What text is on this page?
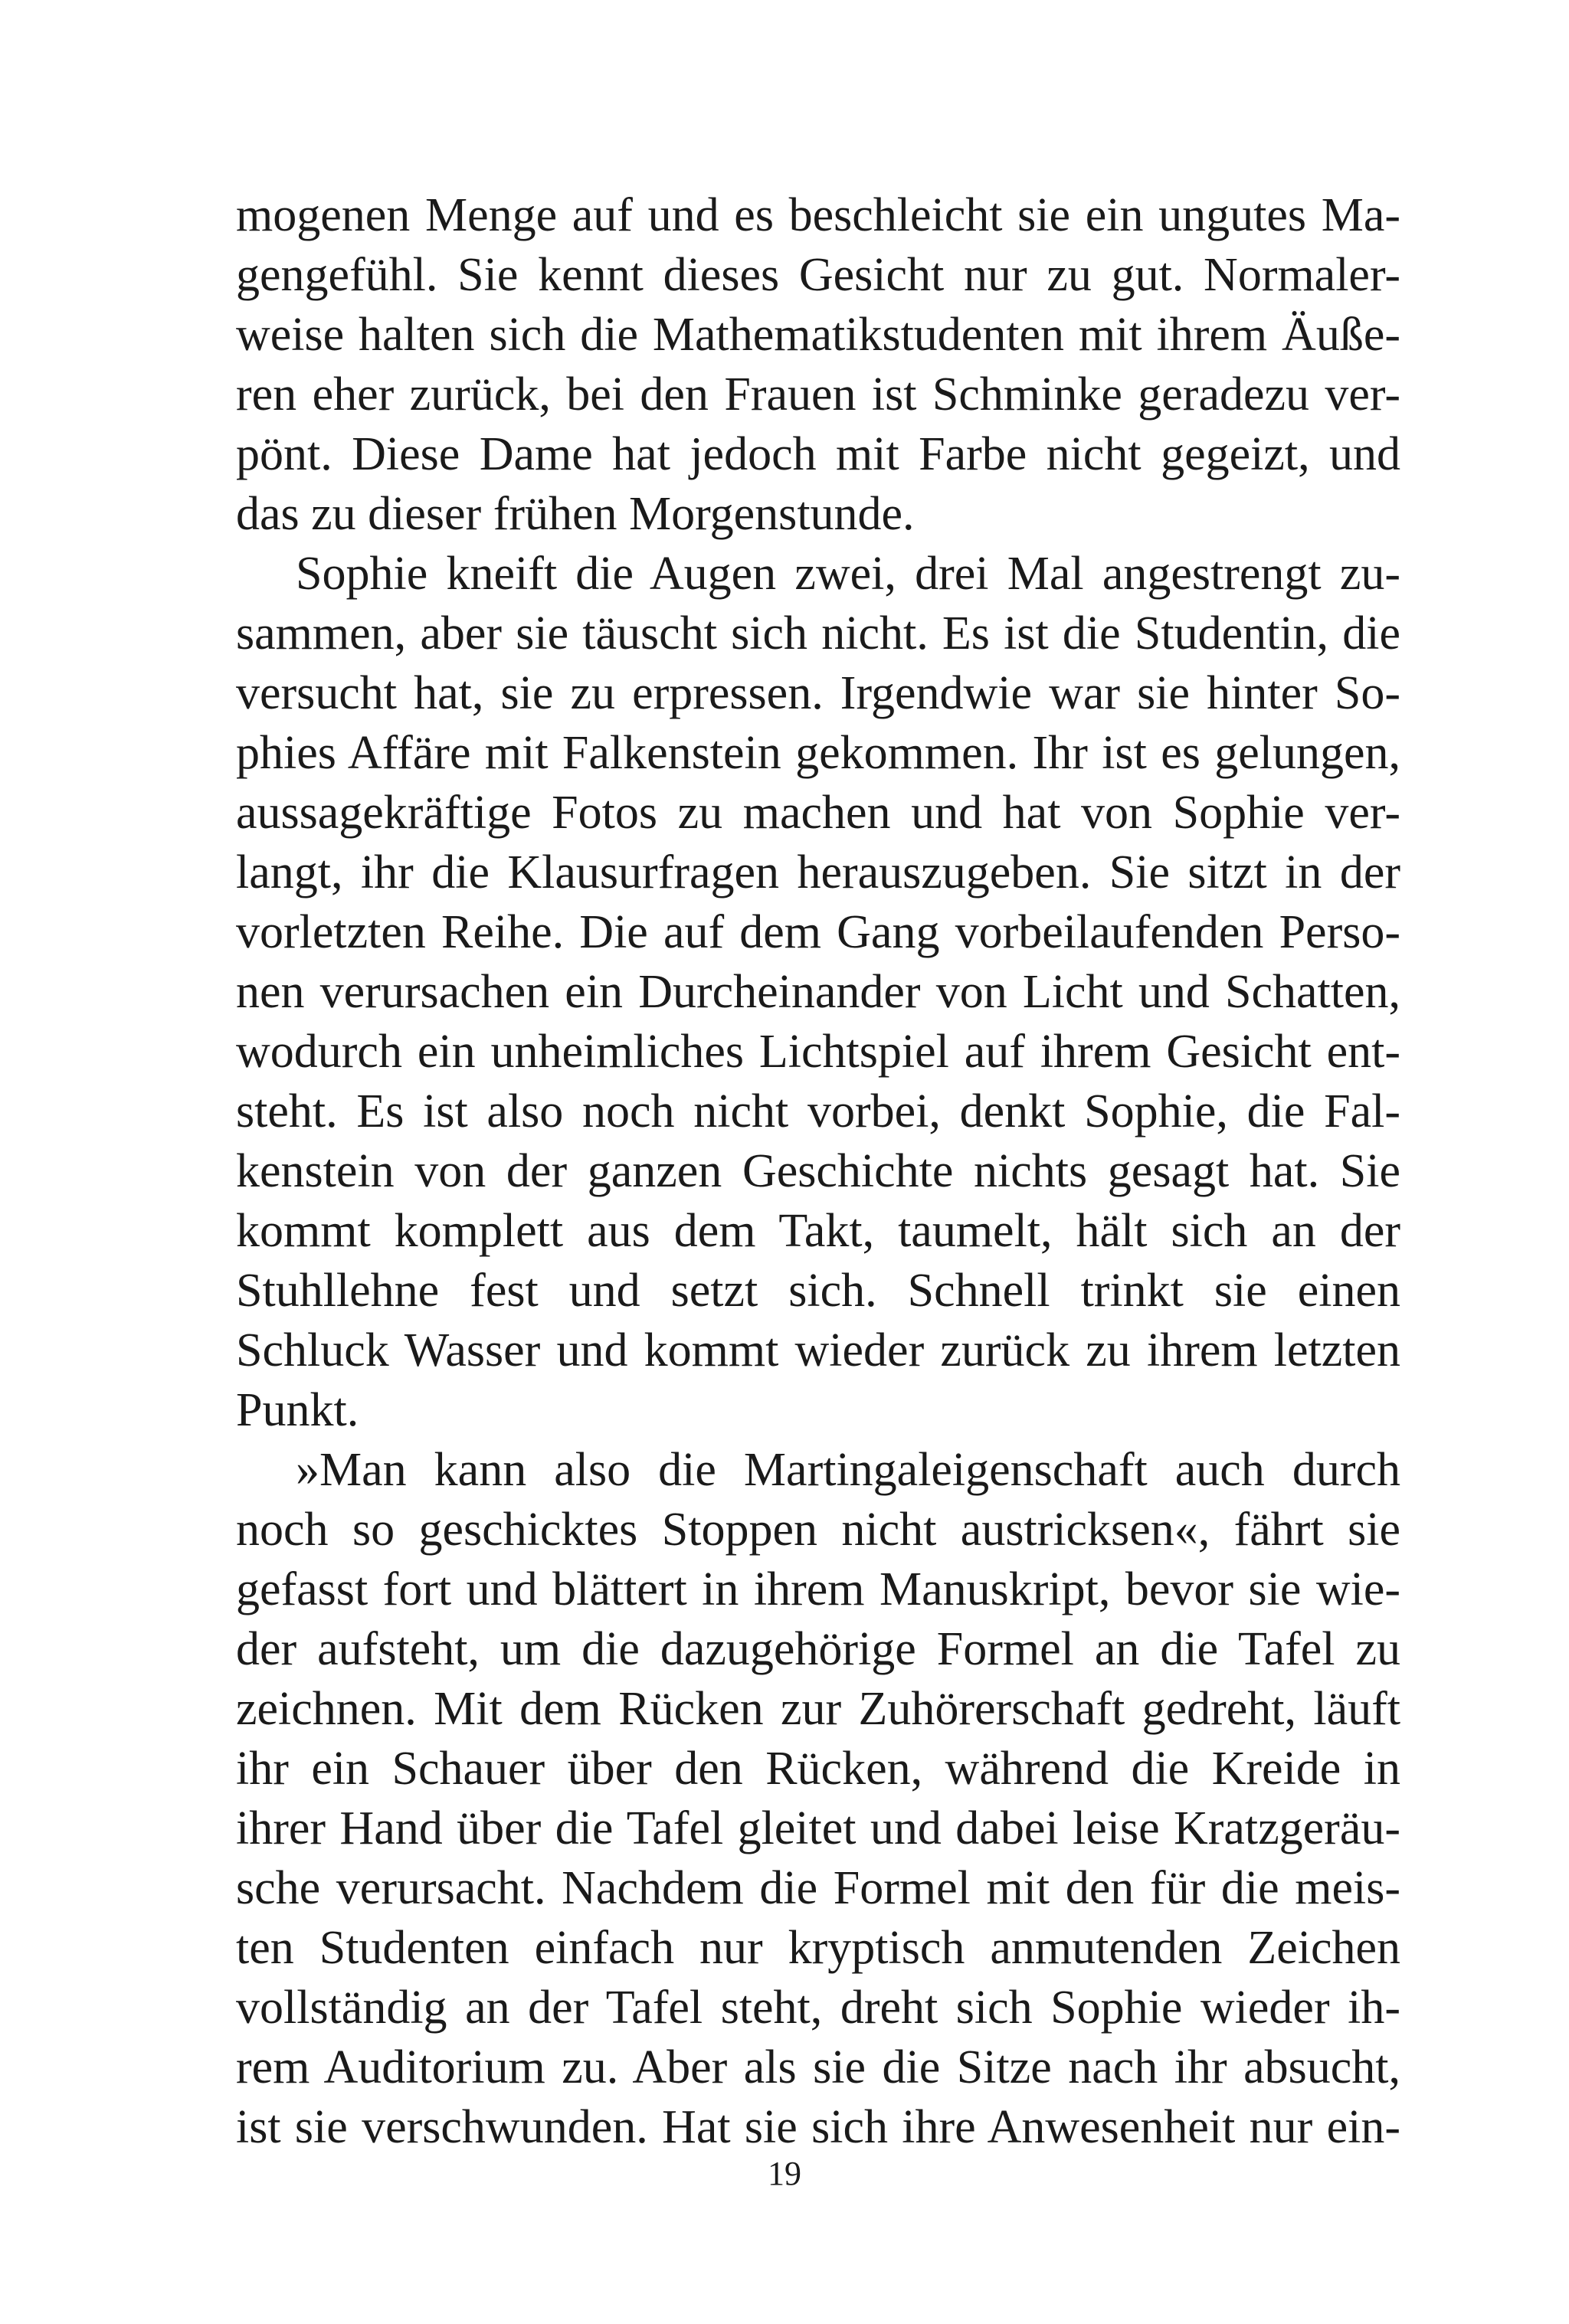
mogenen Menge auf und es beschleicht sie ein ungutes Ma-
gengefühl. Sie kennt dieses Gesicht nur zu gut. Normaler-
weise halten sich die Mathematikstudenten mit ihrem Äuße-
ren eher zurück, bei den Frauen ist Schminke geradezu ver-
pönt. Diese Dame hat jedoch mit Farbe nicht gegeizt, und
das zu dieser frühen Morgenstunde.
Sophie kneift die Augen zwei, drei Mal angestrengt zu-
sammen, aber sie täuscht sich nicht. Es ist die Studentin, die
versucht hat, sie zu erpressen. Irgendwie war sie hinter So-
phies Affäre mit Falkenstein gekommen. Ihr ist es gelungen,
aussagekräftige Fotos zu machen und hat von Sophie ver-
langt, ihr die Klausurfragen herauszugeben. Sie sitzt in der
vorletzten Reihe. Die auf dem Gang vorbeilaufenden Perso-
nen verursachen ein Durcheinander von Licht und Schatten,
wodurch ein unheimliches Lichtspiel auf ihrem Gesicht ent-
steht. Es ist also noch nicht vorbei, denkt Sophie, die Fal-
kenstein von der ganzen Geschichte nichts gesagt hat. Sie
kommt komplett aus dem Takt, taumelt, hält sich an der
Stuhllehne fest und setzt sich. Schnell trinkt sie einen
Schluck Wasser und kommt wieder zurück zu ihrem letzten
Punkt.
»Man kann also die Martingaleigenschaft auch durch
noch so geschicktes Stoppen nicht austricksen«, fährt sie
gefasst fort und blättert in ihrem Manuskript, bevor sie wie-
der aufsteht, um die dazugehörige Formel an die Tafel zu
zeichnen. Mit dem Rücken zur Zuhörerschaft gedreht, läuft
ihr ein Schauer über den Rücken, während die Kreide in
ihrer Hand über die Tafel gleitet und dabei leise Kratzgeräu-
sche verursacht. Nachdem die Formel mit den für die meis-
ten Studenten einfach nur kryptisch anmutenden Zeichen
vollständig an der Tafel steht, dreht sich Sophie wieder ih-
rem Auditorium zu. Aber als sie die Sitze nach ihr absucht,
ist sie verschwunden. Hat sie sich ihre Anwesenheit nur ein-
19
